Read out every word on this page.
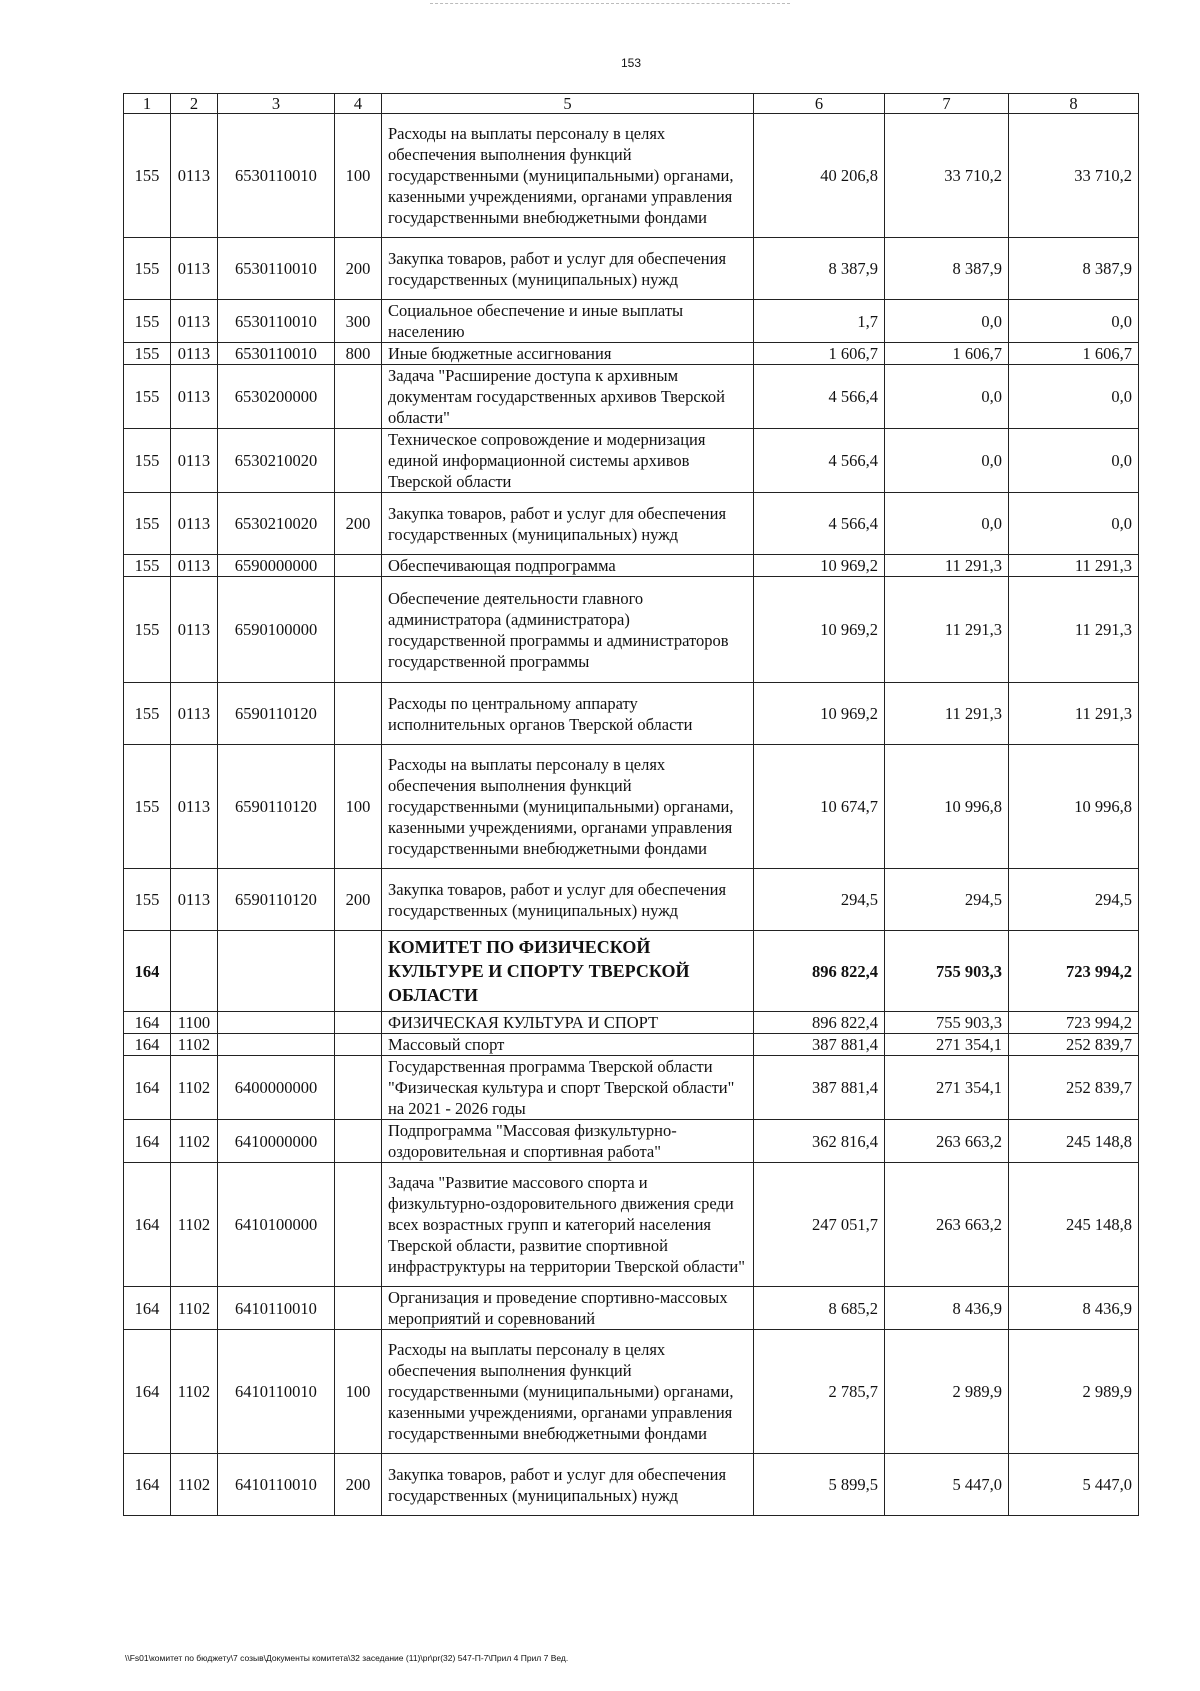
153
1	2	3	4	5	6	7	8
155	0113	6530110010	100	Расходы на выплаты персоналу в целях обеспечения выполнения функций государственными (муниципальными) органами, казенными учреждениями, органами управления государственными внебюджетными фондами	40 206,8	33 710,2	33 710,2
155	0113	6530110010	200	Закупка товаров, работ и услуг для обеспечения государственных (муниципальных) нужд	8 387,9	8 387,9	8 387,9
155	0113	6530110010	300	Социальное обеспечение и иные выплаты населению	1,7	0,0	0,0
155	0113	6530110010	800	Иные бюджетные ассигнования	1 606,7	1 606,7	1 606,7
155	0113	6530200000		Задача "Расширение доступа к архивным документам государственных архивов Тверской области"	4 566,4	0,0	0,0
155	0113	6530210020		Техническое сопровождение и модернизация единой информационной системы архивов Тверской области	4 566,4	0,0	0,0
155	0113	6530210020	200	Закупка товаров, работ и услуг для обеспечения государственных (муниципальных) нужд	4 566,4	0,0	0,0
155	0113	6590000000		Обеспечивающая подпрограмма	10 969,2	11 291,3	11 291,3
155	0113	6590100000		Обеспечение деятельности главного администратора (администратора) государственной программы и администраторов государственной программы	10 969,2	11 291,3	11 291,3
155	0113	6590110120		Расходы по центральному аппарату исполнительных органов Тверской области	10 969,2	11 291,3	11 291,3
155	0113	6590110120	100	Расходы на выплаты персоналу в целях обеспечения выполнения функций государственными (муниципальными) органами, казенными учреждениями, органами управления государственными внебюджетными фондами	10 674,7	10 996,8	10 996,8
155	0113	6590110120	200	Закупка товаров, работ и услуг для обеспечения государственных (муниципальных) нужд	294,5	294,5	294,5
164				КОМИТЕТ ПО ФИЗИЧЕСКОЙ КУЛЬТУРЕ И СПОРТУ ТВЕРСКОЙ ОБЛАСТИ	896 822,4	755 903,3	723 994,2
164	1100			ФИЗИЧЕСКАЯ КУЛЬТУРА И СПОРТ	896 822,4	755 903,3	723 994,2
164	1102			Массовый спорт	387 881,4	271 354,1	252 839,7
164	1102	6400000000		Государственная программа Тверской области "Физическая культура и спорт Тверской области" на 2021 - 2026 годы	387 881,4	271 354,1	252 839,7
164	1102	6410000000		Подпрограмма "Массовая физкультурно-оздоровительная и спортивная работа"	362 816,4	263 663,2	245 148,8
164	1102	6410100000		Задача "Развитие массового спорта и физкультурно-оздоровительного движения среди всех возрастных групп и категорий населения Тверской области, развитие спортивной инфраструктуры на территории Тверской области"	247 051,7	263 663,2	245 148,8
164	1102	6410110010		Организация и проведение спортивно-массовых мероприятий и соревнований	8 685,2	8 436,9	8 436,9
164	1102	6410110010	100	Расходы на выплаты персоналу в целях обеспечения выполнения функций государственными (муниципальными) органами, казенными учреждениями, органами управления государственными внебюджетными фондами	2 785,7	2 989,9	2 989,9
164	1102	6410110010	200	Закупка товаров, работ и услуг для обеспечения государственных (муниципальных) нужд	5 899,5	5 447,0	5 447,0
\\Fs01\комитет по бюджету\7 созыв\Документы комитета\32 заседание (11)\pr\pr(32) 547-П-7\Прил 4 Прил 7 Вед.
